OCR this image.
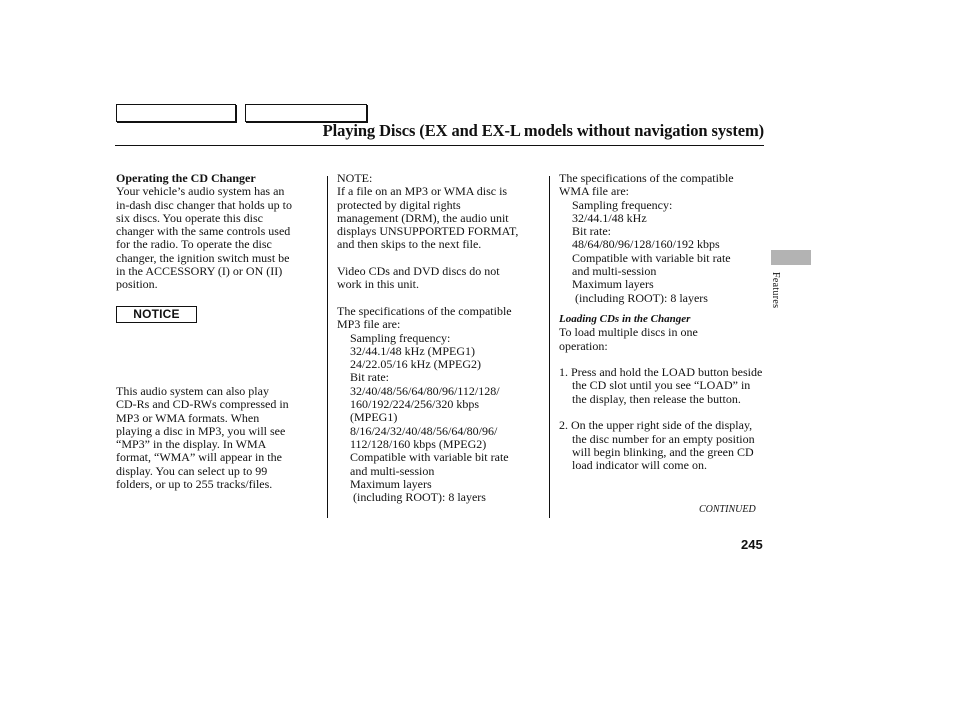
Playing Discs (EX and EX-L models without navigation system)

Operating the CD Changer

Your vehicle’s audio system has an

in-dash disc changer that holds up to

six discs. You operate this disc

changer with the same controls used

for the radio. To operate the disc

changer, the ignition switch must be

in the ACCESSORY (I) or ON (II)

position.

NOTICE

This audio system can also play

CD-Rs and CD-RWs compressed in

MP3 or WMA formats. When

playing a disc in MP3, you will see

“MP3” in the display. In WMA

format, “WMA” will appear in the

display. You can select up to 99

folders, or up to 255 tracks/files.

NOTE:

If a file on an MP3 or WMA disc is

protected by digital rights

management (DRM), the audio unit

displays UNSUPPORTED FORMAT,

and then skips to the next file.

Video CDs and DVD discs do not

work in this unit.

The specifications of the compatible

MP3 file are:

Sampling frequency:

32/44.1/48 kHz (MPEG1)

24/22.05/16 kHz (MPEG2)

Bit rate:

32/40/48/56/64/80/96/112/128/

160/192/224/256/320 kbps

(MPEG1)

8/16/24/32/40/48/56/64/80/96/

112/128/160 kbps (MPEG2)

Compatible with variable bit rate

and multi-session

Maximum layers

(including ROOT): 8 layers

The specifications of the compatible

WMA file are:

Sampling frequency:

32/44.1/48 kHz

Bit rate:

48/64/80/96/128/160/192 kbps

Compatible with variable bit rate

and multi-session

Maximum layers

(including ROOT): 8 layers

Loading CDs in the Changer

To load multiple discs in one

operation:

1. Press and hold the LOAD button beside the CD slot until you see “LOAD” in the display, then release the button.

2. On the upper right side of the display, the disc number for an empty position will begin blinking, and the green CD load indicator will come on.

Features
CONTINUED
245
